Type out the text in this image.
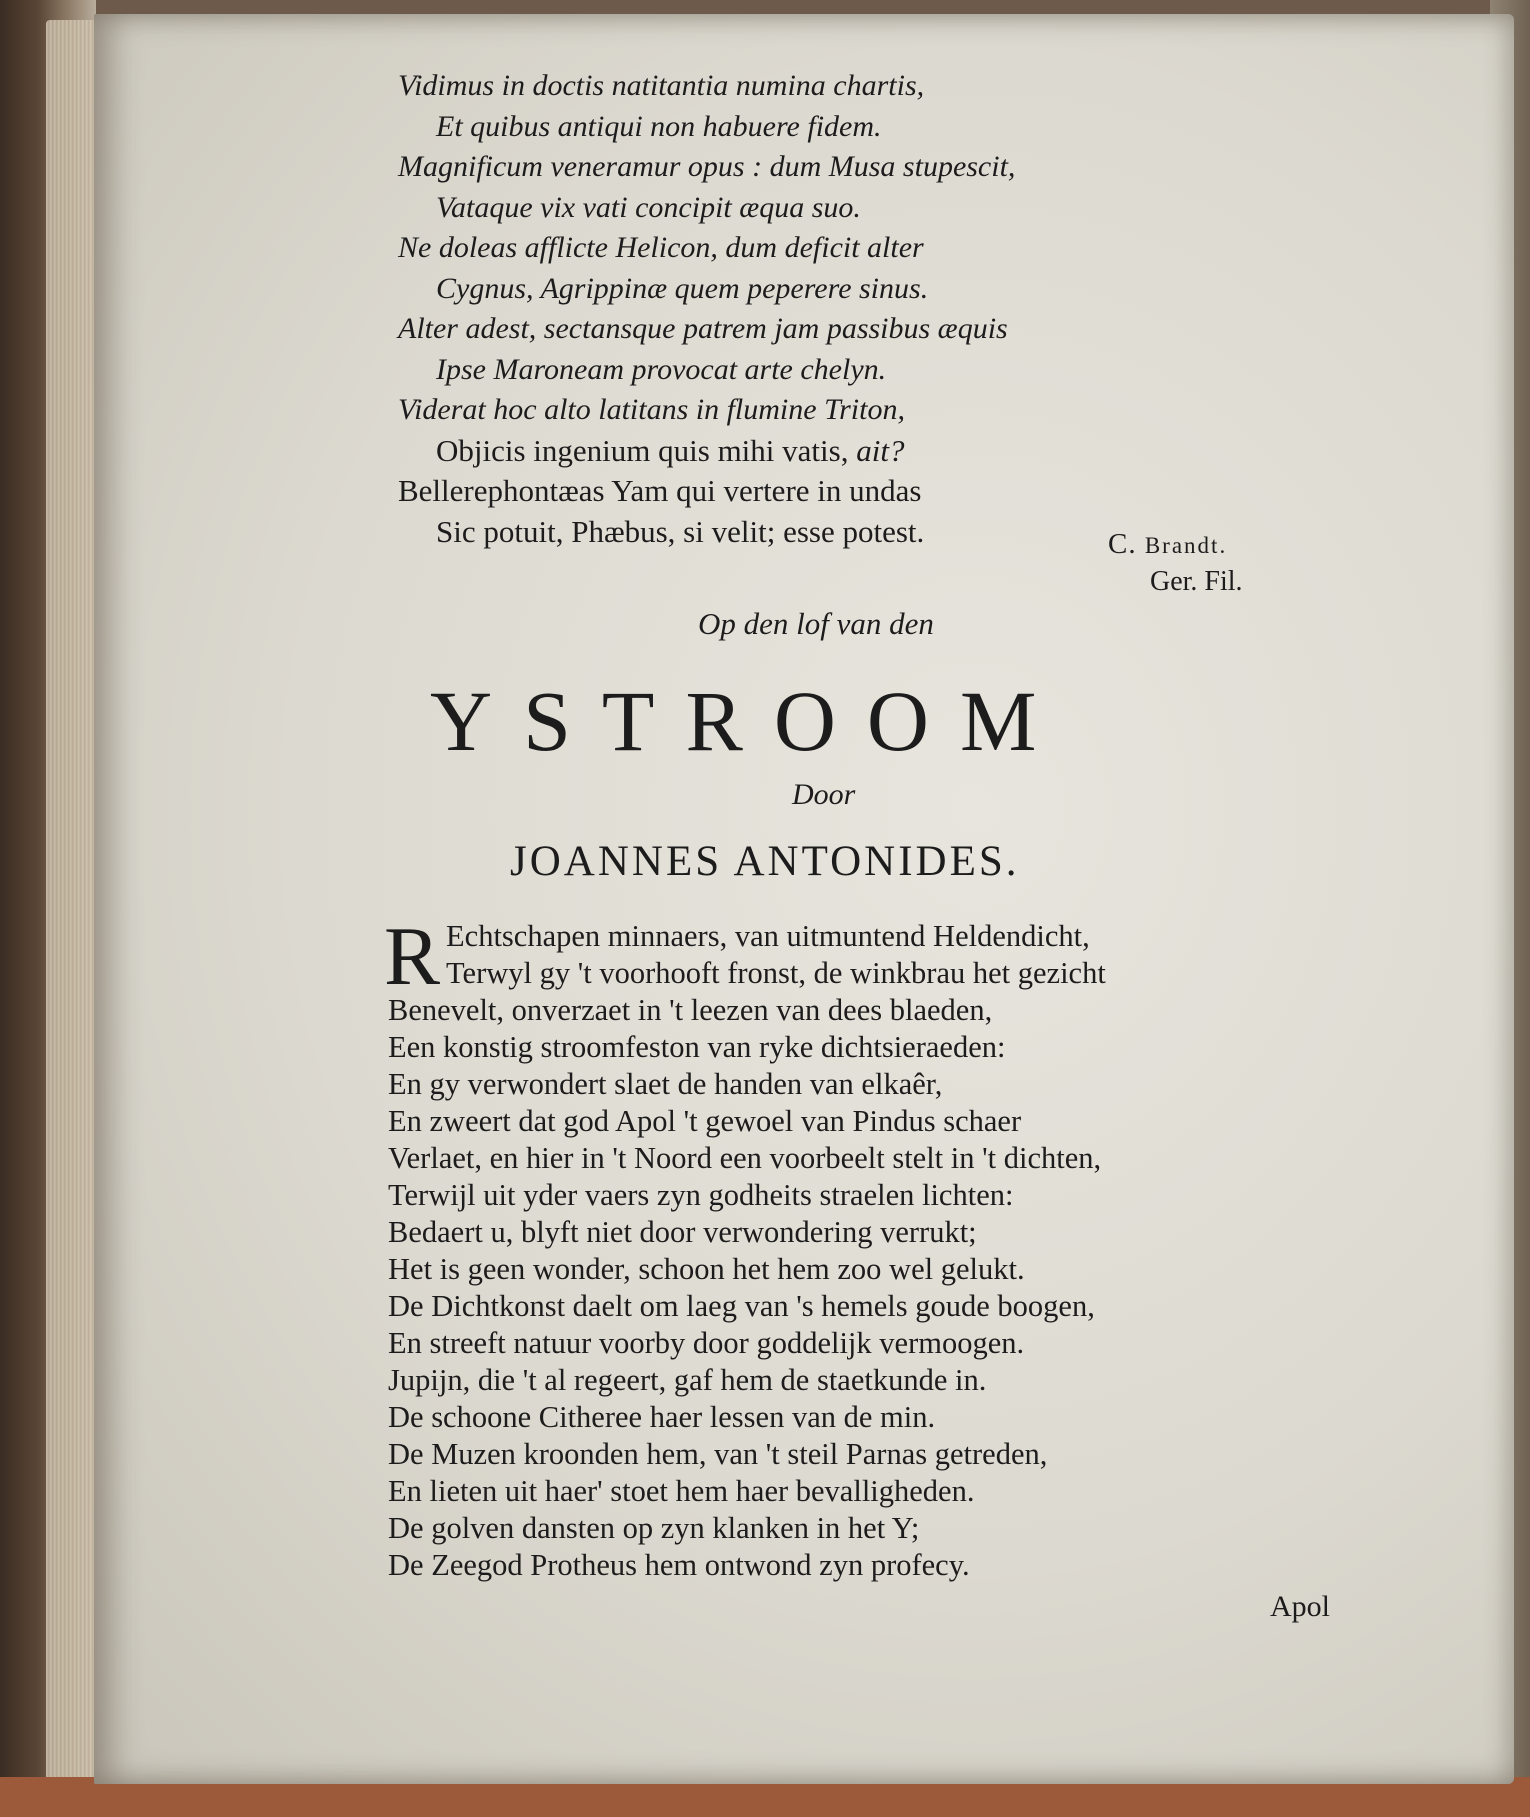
Vidimus in doctis natitantia numina chartis,
Et quibus antiqui non habuere fidem.
Magnificum veneramur opus : dum Musa stupescit,
Vataque vix vati concipit æqua suo.
Ne doleas afflicte Helicon, dum deficit alter
Cygnus, Agrippinæ quem peperere sinus.
Alter adest, sectansque patrem jam passibus æquis
Ipse Maroneam provocat arte chelyn.
Viderat hoc alto latitans in flumine Triton,
Objicis ingenium quis mihi vatis, ait?
Bellerephontæas Yam qui vertere in undas
Sic potuit, Phæbus, si velit; esse potest.	C. Brandt.
Ger. Fil.
Op den lof van den
YSTROOM
Door
JOANNES ANTONIDES.
R Echtschapen minnaers, van uitmuntend Heldendicht,
Terwyl gy 't voorhooft fronst, de winkbrau het gezicht
Benevelt, onverzaet in 't leezen van dees blaeden,
Een konstig stroomfeston van ryke dichtsieraeden:
En gy verwondert slaet de handen van elkaêr,
En zweert dat god Apol 't gewoel van Pindus schaer
Verlaet, en hier in 't Noord een voorbeelt stelt in 't dichten,
Terwijl uit yder vaers zyn godheits straelen lichten:
Bedaert u, blyft niet door verwondering verrukt;
Het is geen wonder, schoon het hem zoo wel gelukt.
De Dichtkonst daelt om laeg van 's hemels goude boogen,
En streeft natuur voorby door goddelijk vermoogen.
Jupijn, die 't al regeert, gaf hem de staetkunde in.
De schoone Citheree haer lessen van de min.
De Muzen kroonden hem, van 't steil Parnas getreden,
En lieten uit haer' stoet hem haer bevalligheden.
De golven dansten op zyn klanken in het Y;
De Zeegod Protheus hem ontwond zyn profecy.
Apol
